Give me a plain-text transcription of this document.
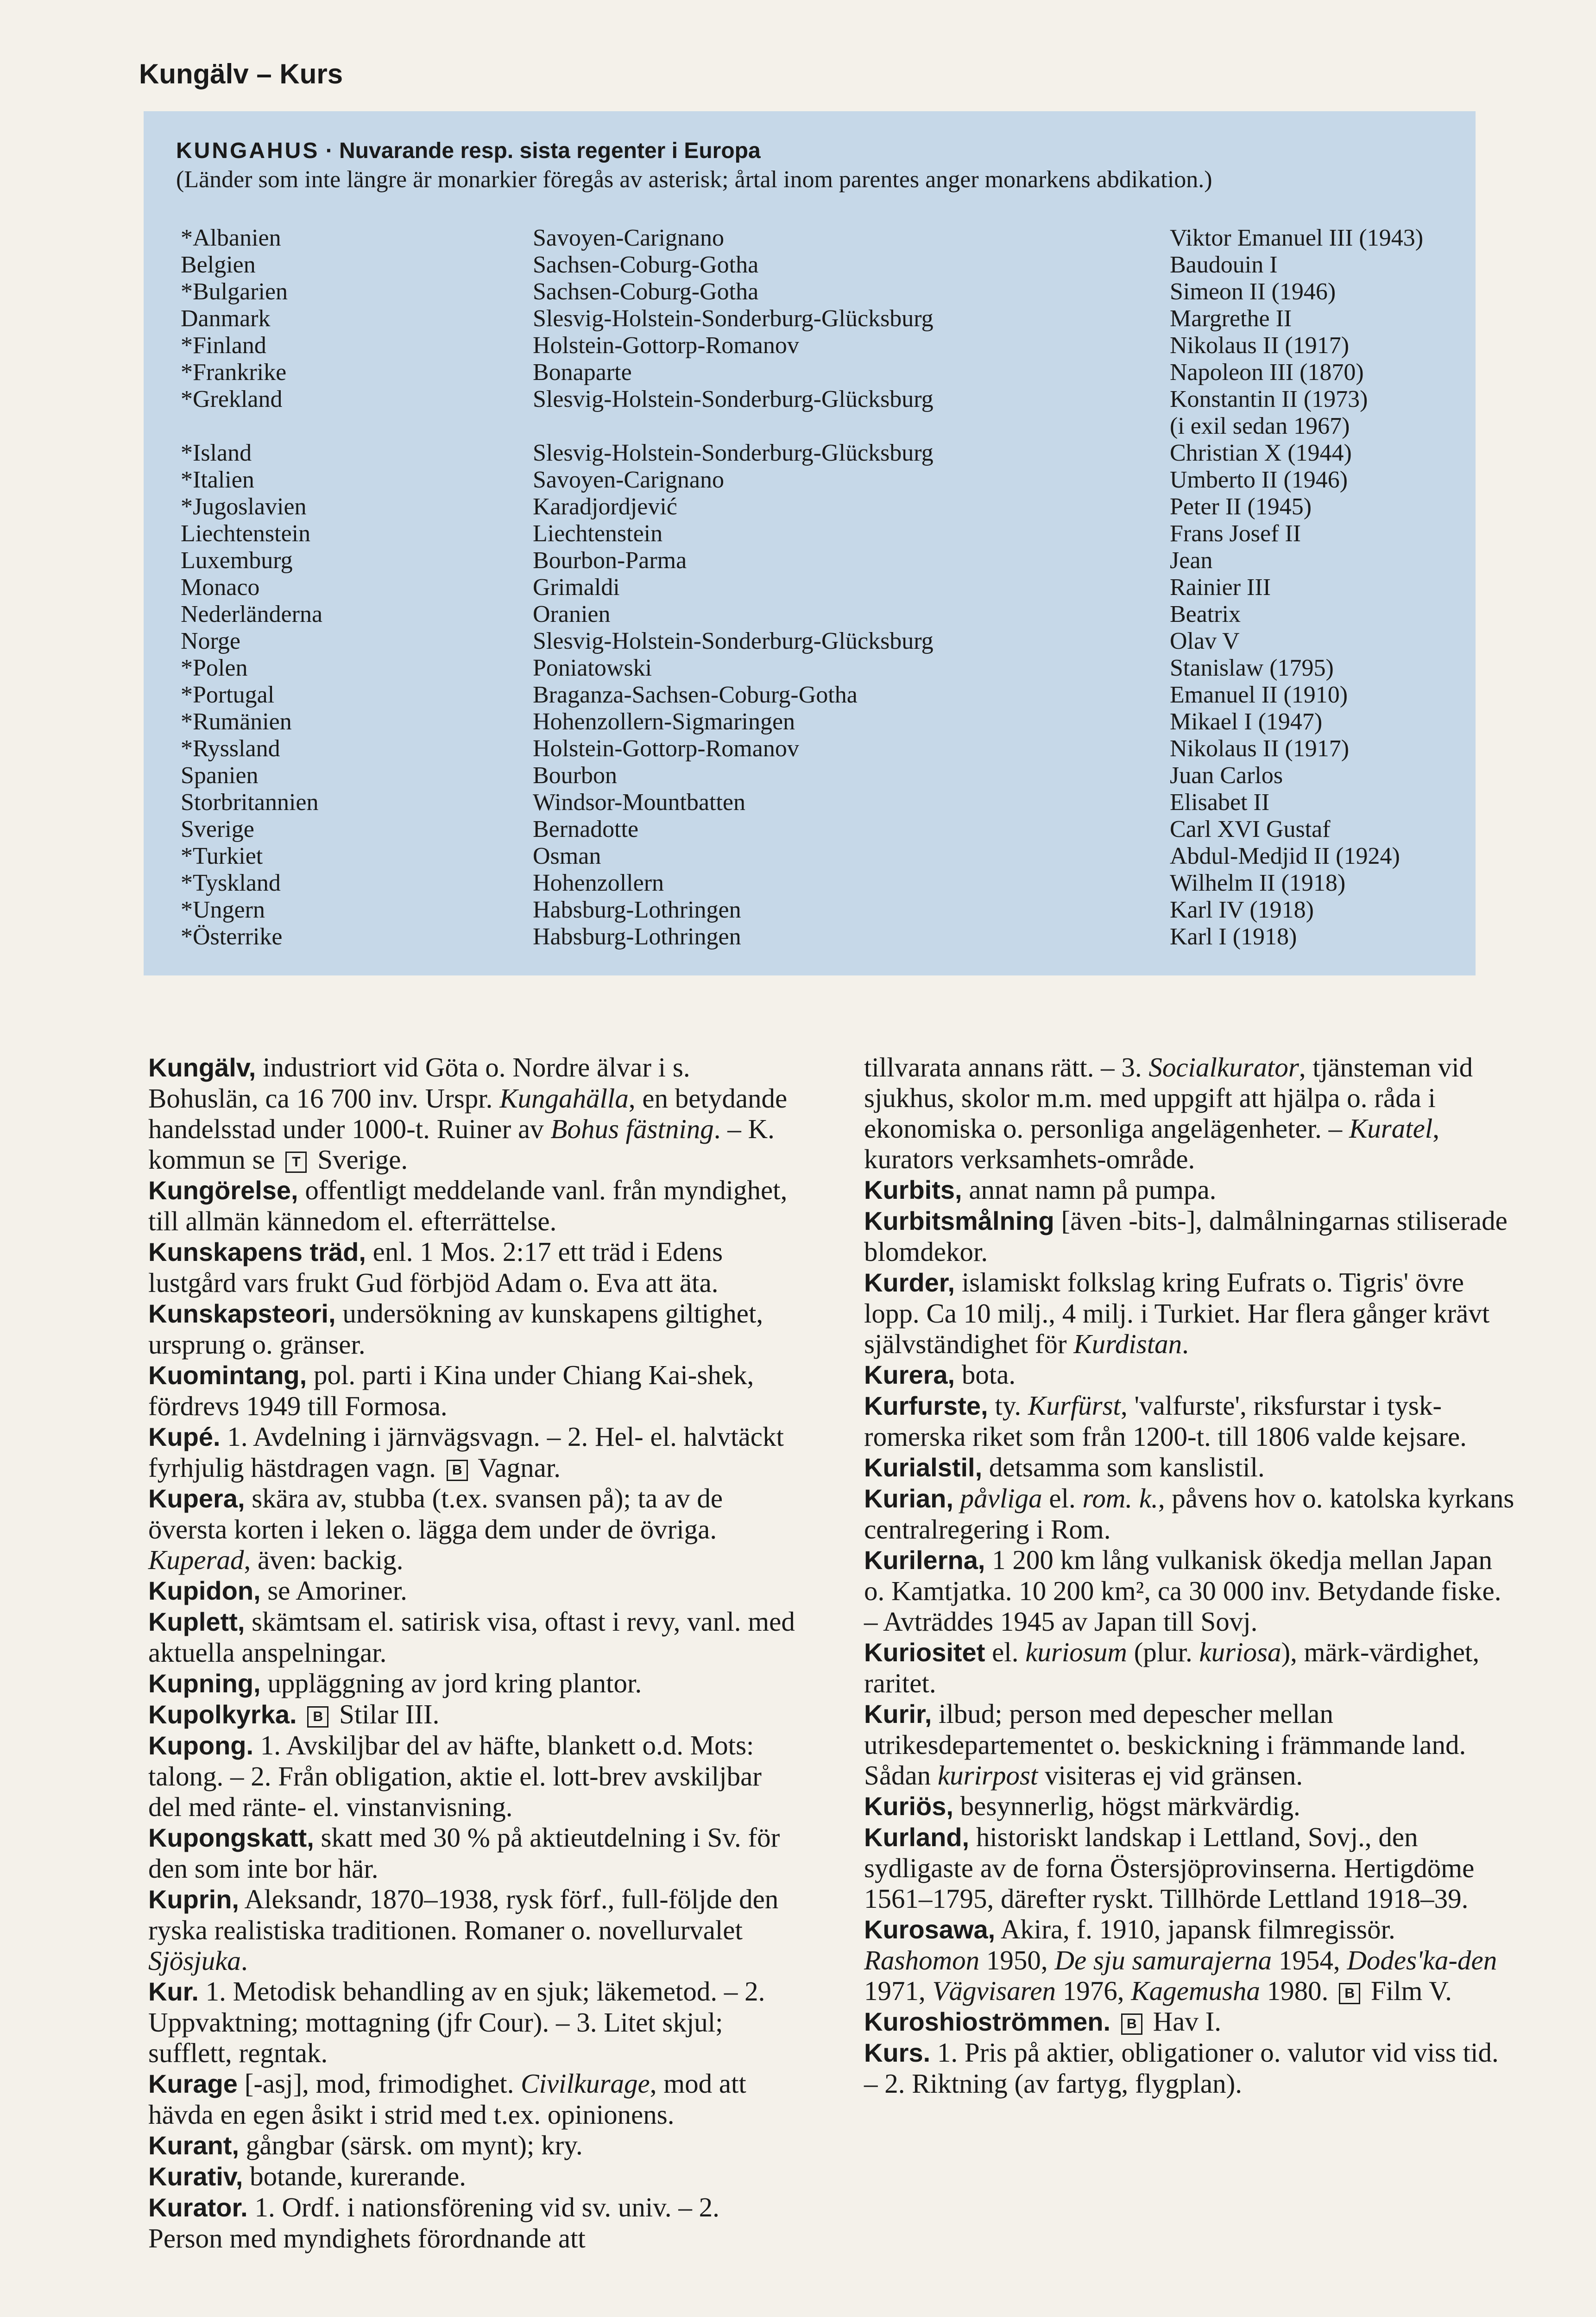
Kungälv – Kurs
KUNGAHUS · Nuvarande resp. sista regenter i Europa
(Länder som inte längre är monarkier föregås av asterisk; årtal inom parentes anger monarkens abdikation.)
*Albanien
Belgien
*Bulgarien
Danmark
*Finland
*Frankrike
*Grekland
*Island
*Italien
*Jugoslavien
Liechtenstein
Luxemburg
Monaco
Nederländerna
Norge
*Polen
*Portugal
*Rumänien
*Ryssland
Spanien
Storbritannien
Sverige
*Turkiet
*Tyskland
*Ungern
*Österrike
Savoyen-Carignano
Sachsen-Coburg-Gotha
Sachsen-Coburg-Gotha
Slesvig-Holstein-Sonderburg-Glücksburg
Holstein-Gottorp-Romanov
Bonaparte
Slesvig-Holstein-Sonderburg-Glücksburg
Slesvig-Holstein-Sonderburg-Glücksburg
Savoyen-Carignano
Karadjordjević
Liechtenstein
Bourbon-Parma
Grimaldi
Oranien
Slesvig-Holstein-Sonderburg-Glücksburg
Poniatowski
Braganza-Sachsen-Coburg-Gotha
Hohenzollern-Sigmaringen
Holstein-Gottorp-Romanov
Bourbon
Windsor-Mountbatten
Bernadotte
Osman
Hohenzollern
Habsburg-Lothringen
Habsburg-Lothringen
Viktor Emanuel III (1943)
Baudouin I
Simeon II (1946)
Margrethe II
Nikolaus II (1917)
Napoleon III (1870)
Konstantin II (1973)
(i exil sedan 1967)
Christian X (1944)
Umberto II (1946)
Peter II (1945)
Frans Josef II
Jean
Rainier III
Beatrix
Olav V
Stanislaw (1795)
Emanuel II (1910)
Mikael I (1947)
Nikolaus II (1917)
Juan Carlos
Elisabet II
Carl XVI Gustaf
Abdul-Medjid II (1924)
Wilhelm II (1918)
Karl IV (1918)
Karl I (1918)

Kungälv, industriort vid Göta o. Nordre älvar i s. Bohuslän, ca 16 700 inv. Urspr. Kungahälla, en betydande handelsstad under 1000-t. Ruiner av Bohus fästning. – K. kommun se T Sverige.

Kungörelse, offentligt meddelande vanl. från myndighet, till allmän kännedom el. efterrättelse.

Kunskapens träd, enl. 1 Mos. 2:17 ett träd i Edens lustgård vars frukt Gud förbjöd Adam o. Eva att äta.

Kunskapsteori, undersökning av kunskapens giltighet, ursprung o. gränser.

Kuomintang, pol. parti i Kina under Chiang Kai-shek, fördrevs 1949 till Formosa.

Kupé. 1. Avdelning i järnvägsvagn. – 2. Hel- el. halvtäckt fyrhjulig hästdragen vagn. B Vagnar.

Kupera, skära av, stubba (t.ex. svansen på); ta av de översta korten i leken o. lägga dem under de övriga. Kuperad, även: backig.

Kupidon, se Amoriner.

Kuplett, skämtsam el. satirisk visa, oftast i revy, vanl. med aktuella anspelningar.

Kupning, uppläggning av jord kring plantor.

Kupolkyrka. B Stilar III.

Kupong. 1. Avskiljbar del av häfte, blankett o.d. Mots: talong. – 2. Från obligation, aktie el. lott-brev avskiljbar del med ränte- el. vinstanvisning.

Kupongskatt, skatt med 30 % på aktieutdelning i Sv. för den som inte bor här.

Kuprin, Aleksandr, 1870–1938, rysk förf., full-följde den ryska realistiska traditionen. Romaner o. novellurvalet Sjösjuka.

Kur. 1. Metodisk behandling av en sjuk; läkemetod. – 2. Uppvaktning; mottagning (jfr Cour). – 3. Litet skjul; sufflett, regntak.

Kurage [-asj], mod, frimodighet. Civilkurage, mod att hävda en egen åsikt i strid med t.ex. opinionens.

Kurant, gångbar (särsk. om mynt); kry.

Kurativ, botande, kurerande.

Kurator. 1. Ordf. i nationsförening vid sv. univ. – 2. Person med myndighets förordnande att

tillvarata annans rätt. – 3. Socialkurator, tjänsteman vid sjukhus, skolor m.m. med uppgift att hjälpa o. råda i ekonomiska o. personliga angelägenheter. – Kuratel, kurators verksamhets-område.

Kurbits, annat namn på pumpa.

Kurbitsmålning [även -bits-], dalmålningarnas stiliserade blomdekor.

Kurder, islamiskt folkslag kring Eufrats o. Tigris' övre lopp. Ca 10 milj., 4 milj. i Turkiet. Har flera gånger krävt självständighet för Kurdistan.

Kurera, bota.

Kurfurste, ty. Kurfürst, 'valfurste', riksfurstar i tysk-romerska riket som från 1200-t. till 1806 valde kejsare.

Kurialstil, detsamma som kanslistil.

Kurian, påvliga el. rom. k., påvens hov o. katolska kyrkans centralregering i Rom.

Kurilerna, 1 200 km lång vulkanisk ökedja mellan Japan o. Kamtjatka. 10 200 km², ca 30 000 inv. Betydande fiske. – Avträddes 1945 av Japan till Sovj.

Kuriositet el. kuriosum (plur. kuriosa), märk-värdighet, raritet.

Kurir, ilbud; person med depescher mellan utrikesdepartementet o. beskickning i främmande land. Sådan kurirpost visiteras ej vid gränsen.

Kuriös, besynnerlig, högst märkvärdig.

Kurland, historiskt landskap i Lettland, Sovj., den sydligaste av de forna Östersjöprovinserna. Hertigdöme 1561–1795, därefter ryskt. Tillhörde Lettland 1918–39.

Kurosawa, Akira, f. 1910, japansk filmregissör. Rashomon 1950, De sju samurajerna 1954, Dodes'ka-den 1971, Vägvisaren 1976, Kagemusha 1980. B Film V.

Kuroshioströmmen. B Hav I.

Kurs. 1. Pris på aktier, obligationer o. valutor vid viss tid. – 2. Riktning (av fartyg, flygplan).
